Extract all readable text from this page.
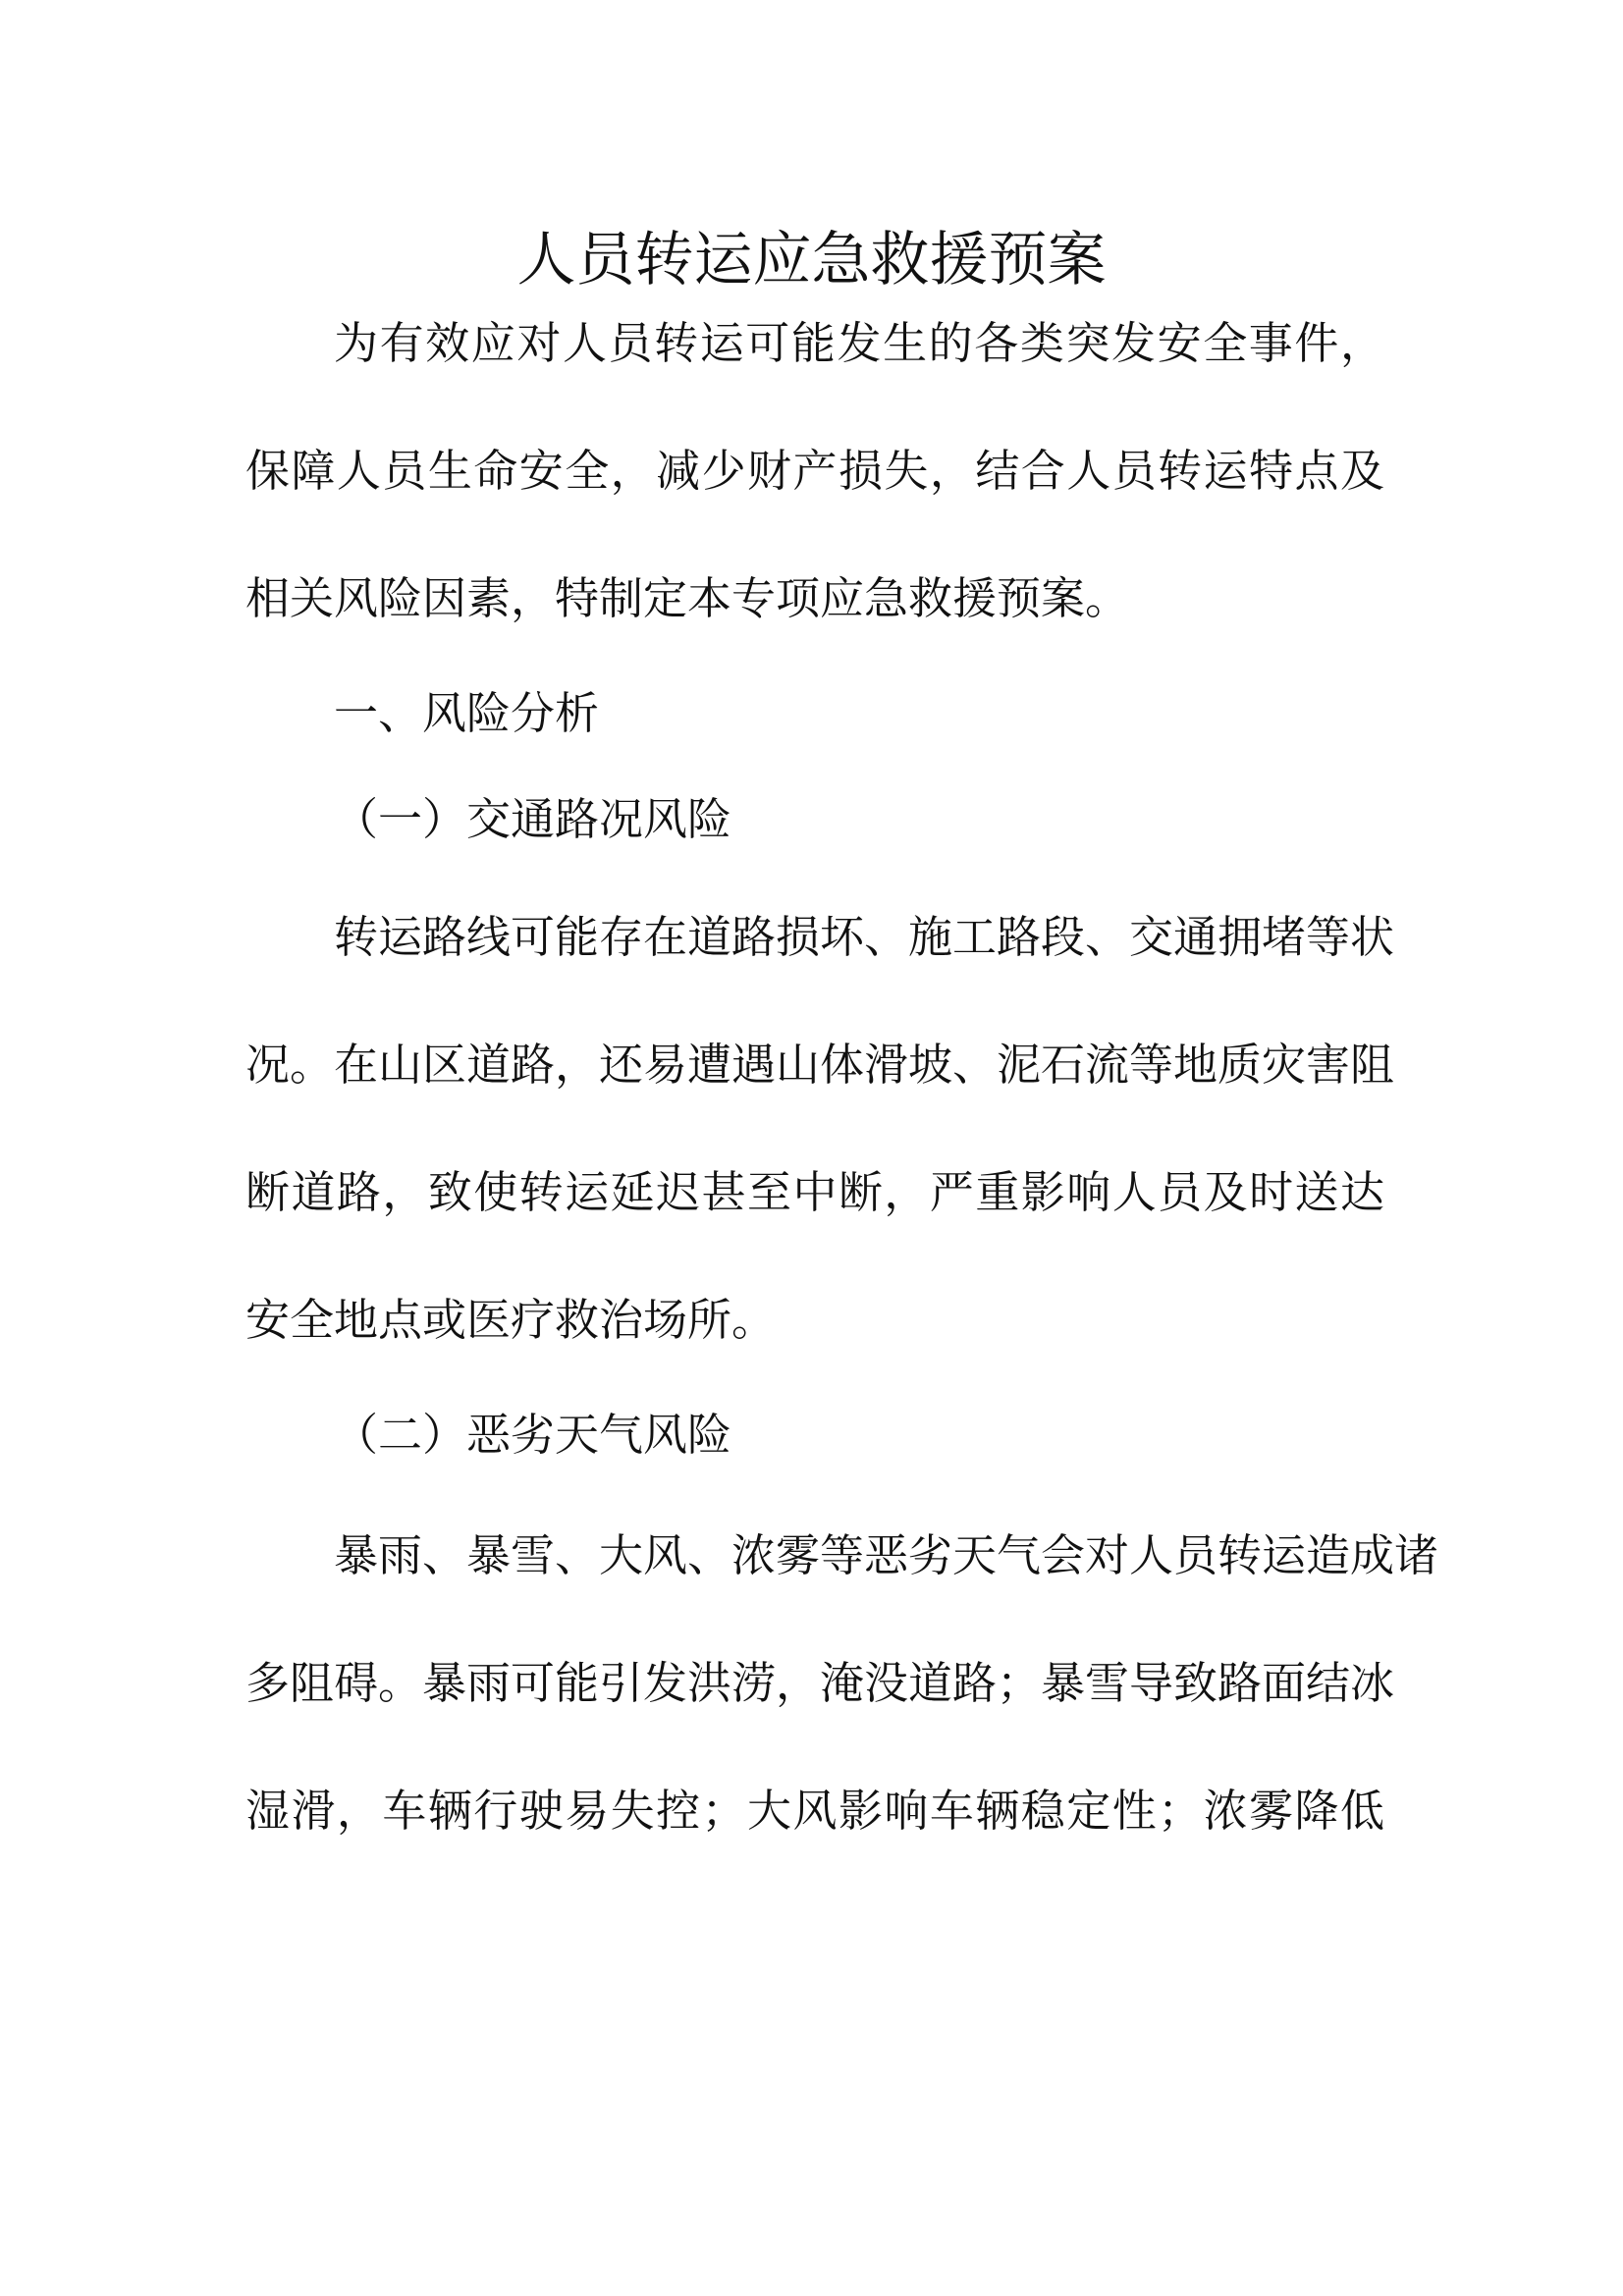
人员转运应急救援预案
为有效应对人员转运可能发生的各类突发安全事件，
保障人员生命安全，减少财产损失，结合人员转运特点及
相关风险因素，特制定本专项应急救援预案。
一、风险分析
（一）交通路况风险
转运路线可能存在道路损坏、施工路段、交通拥堵等状
况。在山区道路，还易遭遇山体滑坡、泥石流等地质灾害阻
断道路，致使转运延迟甚至中断，严重影响人员及时送达
安全地点或医疗救治场所。
（二）恶劣天气风险
暴雨、暴雪、大风、浓雾等恶劣天气会对人员转运造成诸
多阻碍。暴雨可能引发洪涝，淹没道路；暴雪导致路面结冰
湿滑，车辆行驶易失控；大风影响车辆稳定性；浓雾降低
